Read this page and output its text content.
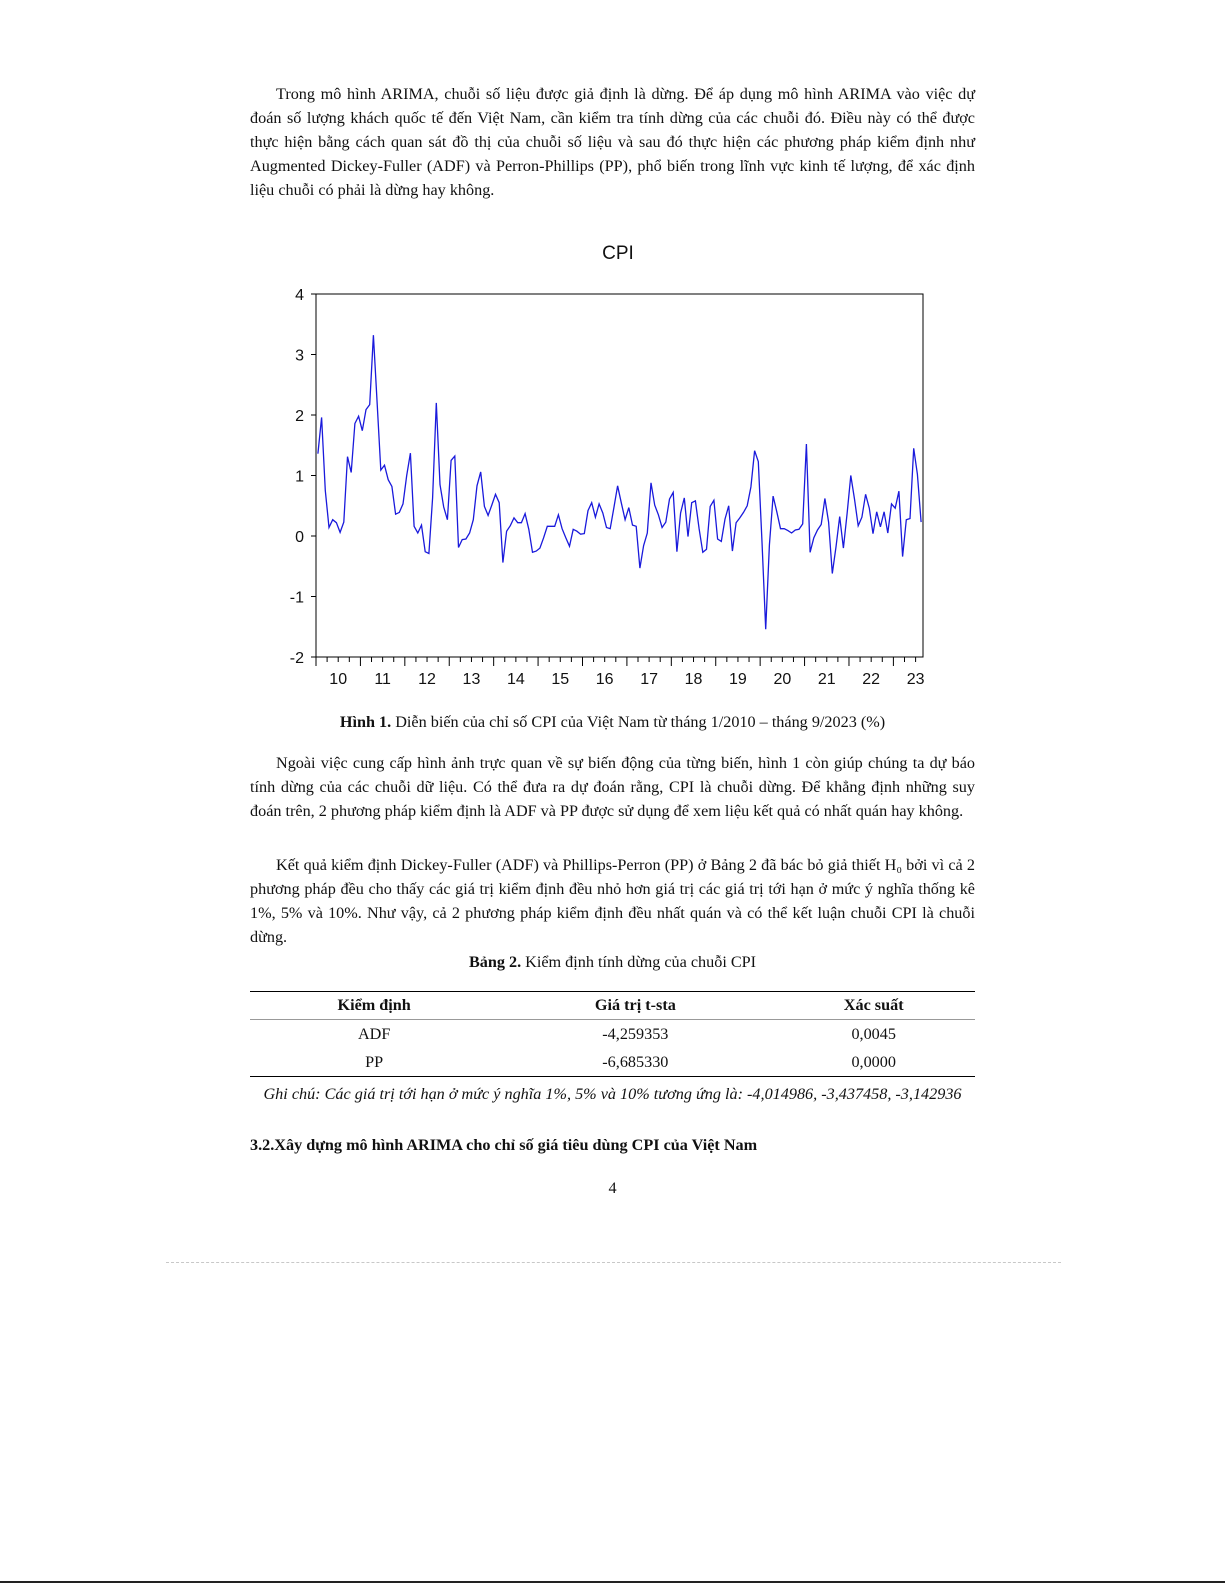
Trong mô hình ARIMA, chuỗi số liệu được giả định là dừng. Để áp dụng mô hình ARIMA vào việc dự đoán số lượng khách quốc tế đến Việt Nam, cần kiểm tra tính dừng của các chuỗi đó. Điều này có thể được thực hiện bằng cách quan sát đồ thị của chuỗi số liệu và sau đó thực hiện các phương pháp kiểm định như Augmented Dickey-Fuller (ADF) và Perron-Phillips (PP), phổ biến trong lĩnh vực kinh tế lượng, để xác định liệu chuỗi có phải là dừng hay không.

CPI
4
3
2
1
0
-1
-2
10 11 12 13 14 15 16 17 18 19 20 21 22 23
Hình 1. Diễn biến của chỉ số CPI của Việt Nam từ tháng 1/2010 – tháng 9/2023 (%)

Ngoài việc cung cấp hình ảnh trực quan về sự biến động của từng biến, hình 1 còn giúp chúng ta dự báo tính dừng của các chuỗi dữ liệu. Có thể đưa ra dự đoán rằng, CPI là chuỗi dừng. Để khẳng định những suy đoán trên, 2 phương pháp kiểm định là ADF và PP được sử dụng để xem liệu kết quả có nhất quán hay không.

Kết quả kiểm định Dickey-Fuller (ADF) và Phillips-Perron (PP) ở Bảng 2 đã bác bỏ giả thiết H₀ bởi vì cả 2 phương pháp đều cho thấy các giá trị kiểm định đều nhỏ hơn giá trị các giá trị tới hạn ở mức ý nghĩa thống kê 1%, 5% và 10%. Như vậy, cả 2 phương pháp kiểm định đều nhất quán và có thể kết luận chuỗi CPI là chuỗi dừng.

Bảng 2. Kiểm định tính dừng của chuỗi CPI
Kiểm định	Giá trị t-sta	Xác suất
ADF	-4,259353	0,0045
PP	-6,685330	0,0000
Ghi chú: Các giá trị tới hạn ở mức ý nghĩa 1%, 5% và 10% tương ứng là: -4,014986, -3,437458, -3,142936
3.2.Xây dựng mô hình ARIMA cho chỉ số giá tiêu dùng CPI của Việt Nam
4
